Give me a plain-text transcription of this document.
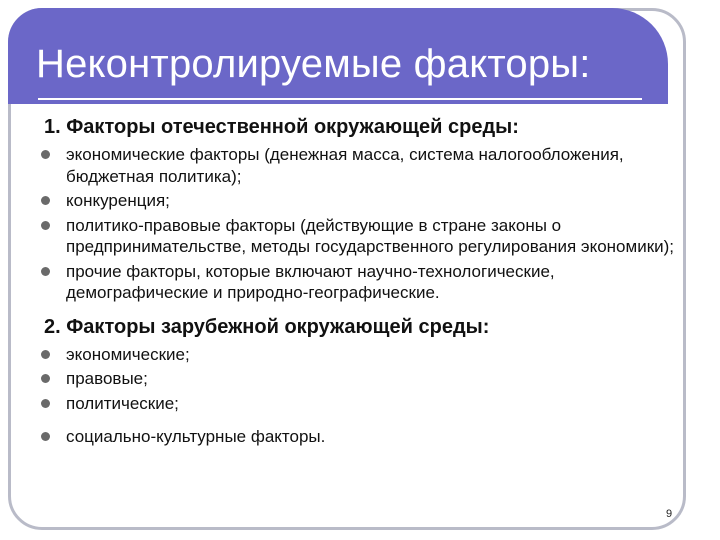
Неконтролируемые факторы:
1. Факторы отечественной окружающей среды:
экономические факторы (денежная масса, система налогообложения, бюджетная политика);
конкуренция;
политико-правовые факторы (действующие в стране законы о предпринимательстве, методы государственного регулирования экономики);
прочие факторы, которые включают научно-технологические, демографические и природно-географические.
2. Факторы зарубежной окружающей среды:
экономические;
правовые;
политические;
социально-культурные факторы.
9
